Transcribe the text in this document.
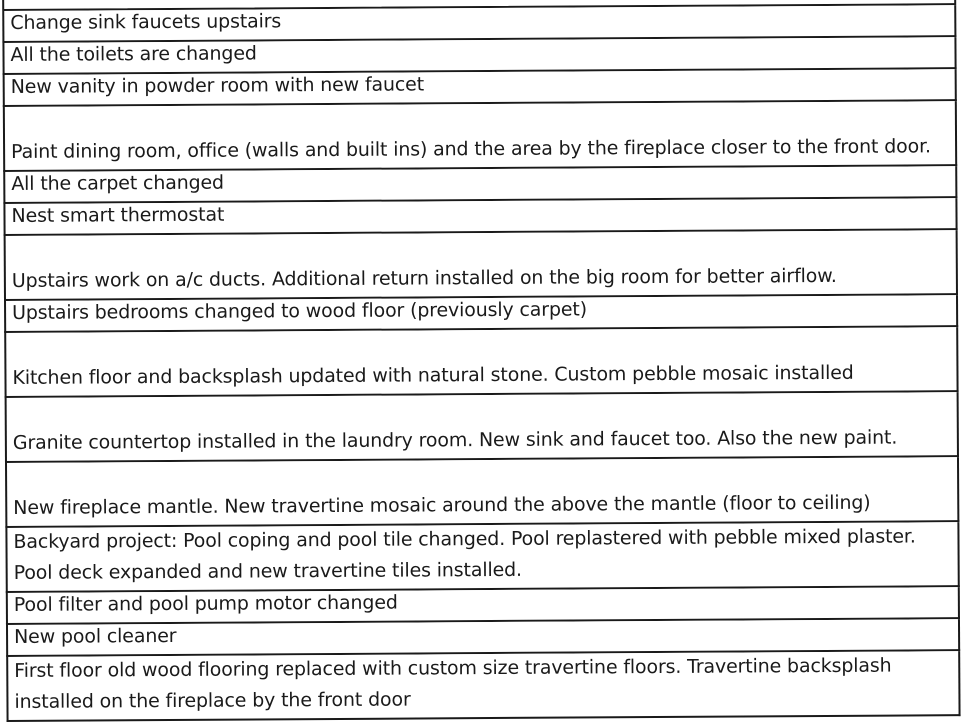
Change sink faucets upstairs
All the toilets are changed
New vanity in powder room with new faucet
Paint dining room, office (walls and built ins) and the area by the fireplace closer to the front door.
All the carpet changed
Nest smart thermostat
Upstairs work on a/c ducts. Additional return installed on the big room for better airflow.
Upstairs bedrooms changed to wood floor (previously carpet)
Kitchen floor and backsplash updated with natural stone. Custom pebble mosaic installed
Granite countertop installed in the laundry room. New sink and faucet too. Also the new paint.
New fireplace mantle. New travertine mosaic around the above the mantle (floor to ceiling)
Backyard project: Pool coping and pool tile changed. Pool replastered with pebble mixed plaster. Pool deck expanded and new travertine tiles installed.
Pool filter and pool pump motor changed
New pool cleaner
First floor old wood flooring replaced with custom size travertine floors. Travertine backsplash installed on the fireplace by the front door
